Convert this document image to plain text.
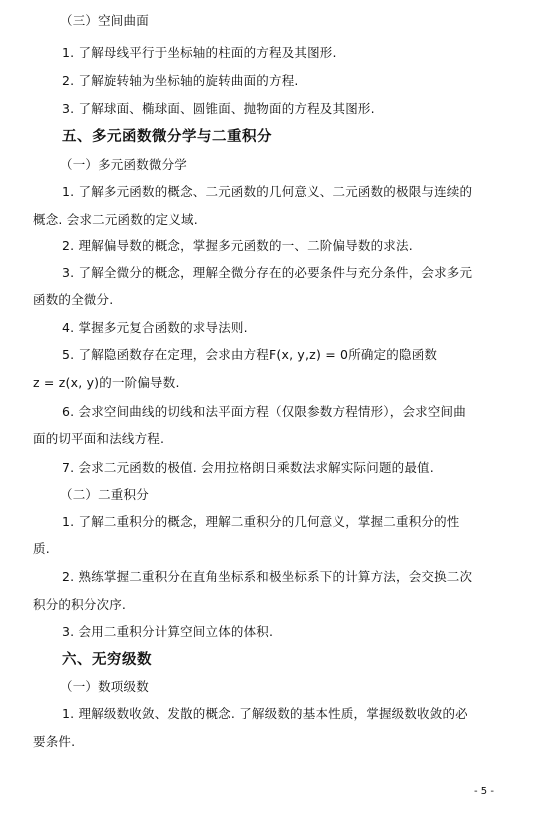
（三）空间曲面
1. 了解母线平行于坐标轴的柱面的方程及其图形.
2. 了解旋转轴为坐标轴的旋转曲面的方程.
3. 了解球面、椭球面、圆锥面、抛物面的方程及其图形.
五、多元函数微分学与二重积分
（一）多元函数微分学
1. 了解多元函数的概念、二元函数的几何意义、二元函数的极限与连续的
概念. 会求二元函数的定义域.
2. 理解偏导数的概念，掌握多元函数的一、二阶偏导数的求法.
3. 了解全微分的概念，理解全微分存在的必要条件与充分条件，会求多元
函数的全微分.
4. 掌握多元复合函数的求导法则.
5. 了解隐函数存在定理，会求由方程F(x, y,z) = 0所确定的隐函数
z = z(x, y)的一阶偏导数.
6. 会求空间曲线的切线和法平面方程（仅限参数方程情形），会求空间曲
面的切平面和法线方程.
7. 会求二元函数的极值. 会用拉格朗日乘数法求解实际问题的最值.
（二）二重积分
1. 了解二重积分的概念，理解二重积分的几何意义，掌握二重积分的性
质.
2. 熟练掌握二重积分在直角坐标系和极坐标系下的计算方法，会交换二次
积分的积分次序.
3. 会用二重积分计算空间立体的体积.
六、无穷级数
（一）数项级数
1. 理解级数收敛、发散的概念. 了解级数的基本性质，掌握级数收敛的必
要条件.
- 5 -
